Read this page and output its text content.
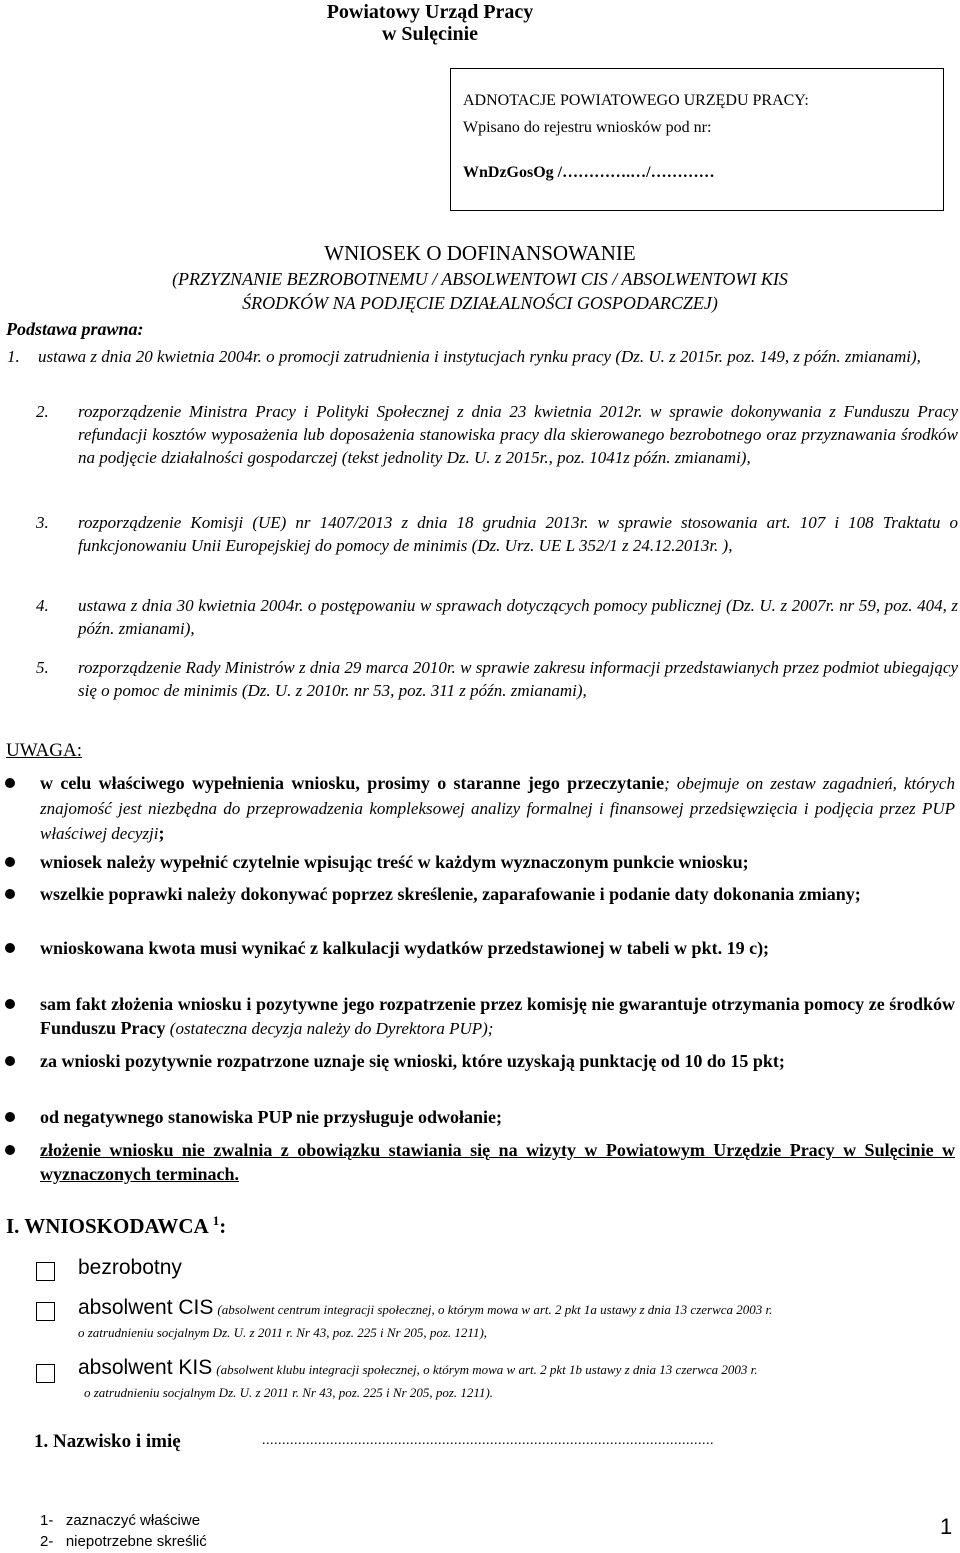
Powiatowy Urząd Pracy
w Sulęcinie
ADNOTACJE POWIATOWEGO URZĘDU PRACY:
Wpisano do rejestru wniosków pod nr:
WnDzGosOg /………….…/…………
WNIOSEK O DOFINANSOWANIE
(PRZYZNANIE BEZROBOTNEMU / ABSOLWENTOWI CIS / ABSOLWENTOWI KIS
ŚRODKÓW NA PODJĘCIE DZIAŁALNOŚCI GOSPODARCZEJ)
Podstawa prawna:
1. ustawa z dnia 20 kwietnia 2004r. o promocji zatrudnienia i instytucjach rynku pracy (Dz. U. z 2015r. poz. 149, z późn. zmianami),
2. rozporządzenie Ministra Pracy i Polityki Społecznej z dnia 23 kwietnia 2012r. w sprawie dokonywania z Funduszu Pracy refundacji kosztów wyposażenia lub doposażenia stanowiska pracy dla skierowanego bezrobotnego oraz przyznawania środków na podjęcie działalności gospodarczej (tekst jednolity Dz. U. z 2015r., poz. 1041z późn. zmianami),
3. rozporządzenie Komisji (UE) nr 1407/2013 z dnia 18 grudnia 2013r. w sprawie stosowania art. 107 i 108 Traktatu o funkcjonowaniu Unii Europejskiej do pomocy de minimis (Dz. Urz. UE L 352/1 z 24.12.2013r. ),
4. ustawa z dnia 30 kwietnia 2004r. o postępowaniu w sprawach dotyczących pomocy publicznej (Dz. U. z 2007r. nr 59, poz. 404, z późn. zmianami),
5. rozporządzenie Rady Ministrów z dnia 29 marca 2010r. w sprawie zakresu informacji przedstawianych przez podmiot ubiegający się o pomoc de minimis (Dz. U. z 2010r. nr 53, poz. 311 z późn. zmianami),
UWAGA:
w celu właściwego wypełnienia wniosku, prosimy o staranne jego przeczytanie; obejmuje on zestaw zagadnień, których znajomość jest niezbędna do przeprowadzenia kompleksowej analizy formalnej i finansowej przedsięwzięcia i podjęcia przez PUP właściwej decyzji;
wniosek należy wypełnić czytelnie wpisując treść w każdym wyznaczonym punkcie wniosku;
wszelkie poprawki należy dokonywać poprzez skreślenie, zaparafowanie i podanie daty dokonania zmiany;
wnioskowana kwota musi wynikać z kalkulacji wydatków przedstawionej w tabeli w pkt. 19 c);
sam fakt złożenia wniosku i pozytywne jego rozpatrzenie przez komisję nie gwarantuje otrzymania pomocy ze środków Funduszu Pracy (ostateczna decyzja należy do Dyrektora PUP);
za wnioski pozytywnie rozpatrzone uznaje się wnioski, które uzyskają punktację od 10 do 15 pkt;
od negatywnego stanowiska PUP nie przysługuje odwołanie;
złożenie wniosku nie zwalnia z obowiązku stawiania się na wizyty w Powiatowym Urzędzie Pracy w Sulęcinie w wyznaczonych terminach.
I. WNIOSKODAWCA $^1$:
bezrobotny
absolwent CIS (absolwent centrum integracji społecznej, o którym mowa w art. 2 pkt 1a ustawy z dnia 13 czerwca 2003 r.
o zatrudnieniu socjalnym Dz. U. z 2011 r. Nr 43, poz. 225 i Nr 205, poz. 1211),
absolwent KIS (absolwent klubu integracji społecznej, o którym mowa w art. 2 pkt 1b ustawy z dnia 13 czerwca 2003 r.
o zatrudnieniu socjalnym Dz. U. z 2011 r. Nr 43, poz. 225 i Nr 205, poz. 1211).
1. Nazwisko i imię	.................................................................................................................
1-   zaznaczyć właściwe
2-   niepotrzebne skreślić
1
